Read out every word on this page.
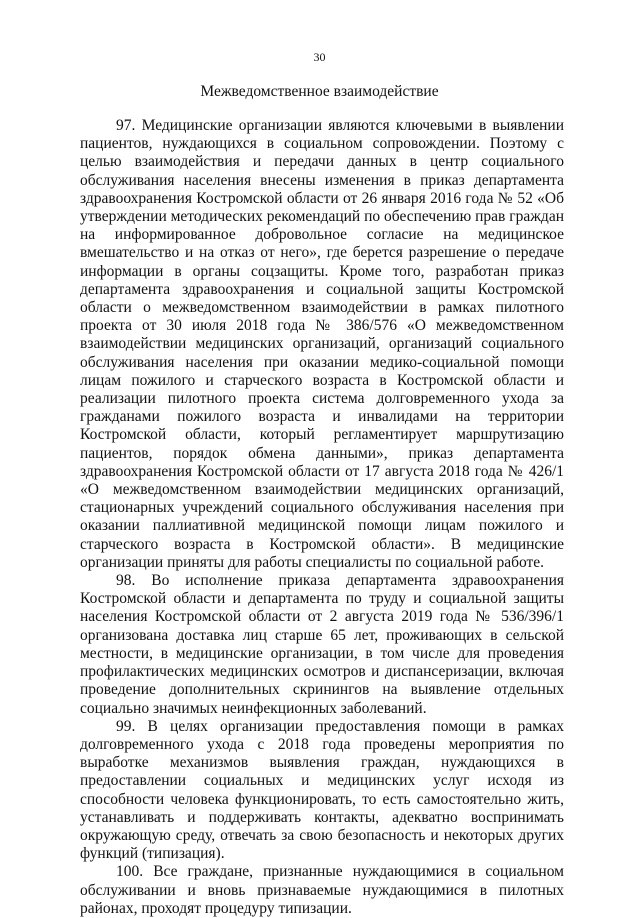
30
Межведомственное взаимодействие

97. Медицинские организации являются ключевыми в выявлении пациентов, нуждающихся в социальном сопровождении. Поэтому с целью взаимодействия и передачи данных в центр социального обслуживания населения внесены изменения в приказ департамента здравоохранения Костромской области от 26 января 2016 года № 52 «Об утверждении методических рекомендаций по обеспечению прав граждан на информированное добровольное согласие на медицинское вмешательство и на отказ от него», где берется разрешение о передаче информации в органы соцзащиты. Кроме того, разработан приказ департамента здравоохранения и социальной защиты Костромской области о межведомственном взаимодействии в рамках пилотного проекта от 30 июля 2018 года № 386/576 «О межведомственном взаимодействии медицинских организаций, организаций социального обслуживания населения при оказании медико-социальной помощи лицам пожилого и старческого возраста в Костромской области и реализации пилотного проекта система долговременного ухода за гражданами пожилого возраста и инвалидами на территории Костромской области, который регламентирует маршрутизацию пациентов, порядок обмена данными», приказ департамента здравоохранения Костромской области от 17 августа 2018 года № 426/1 «О межведомственном взаимодействии медицинских организаций, стационарных учреждений социального обслуживания населения при оказании паллиативной медицинской помощи лицам пожилого и старческого возраста в Костромской области». В медицинские организации приняты для работы специалисты по социальной работе.

98. Во исполнение приказа департамента здравоохранения Костромской области и департамента по труду и социальной защиты населения Костромской области от 2 августа 2019 года № 536/396/1 организована доставка лиц старше 65 лет, проживающих в сельской местности, в медицинские организации, в том числе для проведения профилактических медицинских осмотров и диспансеризации, включая проведение дополнительных скринингов на выявление отдельных социально значимых неинфекционных заболеваний.

99. В целях организации предоставления помощи в рамках долговременного ухода с 2018 года проведены мероприятия по выработке механизмов выявления граждан, нуждающихся в предоставлении социальных и медицинских услуг исходя из способности человека функционировать, то есть самостоятельно жить, устанавливать и поддерживать контакты, адекватно воспринимать окружающую среду, отвечать за свою безопасность и некоторых других функций (типизация).

100. Все граждане, признанные нуждающимися в социальном обслуживании и вновь признаваемые нуждающимися в пилотных районах, проходят процедуру типизации.
